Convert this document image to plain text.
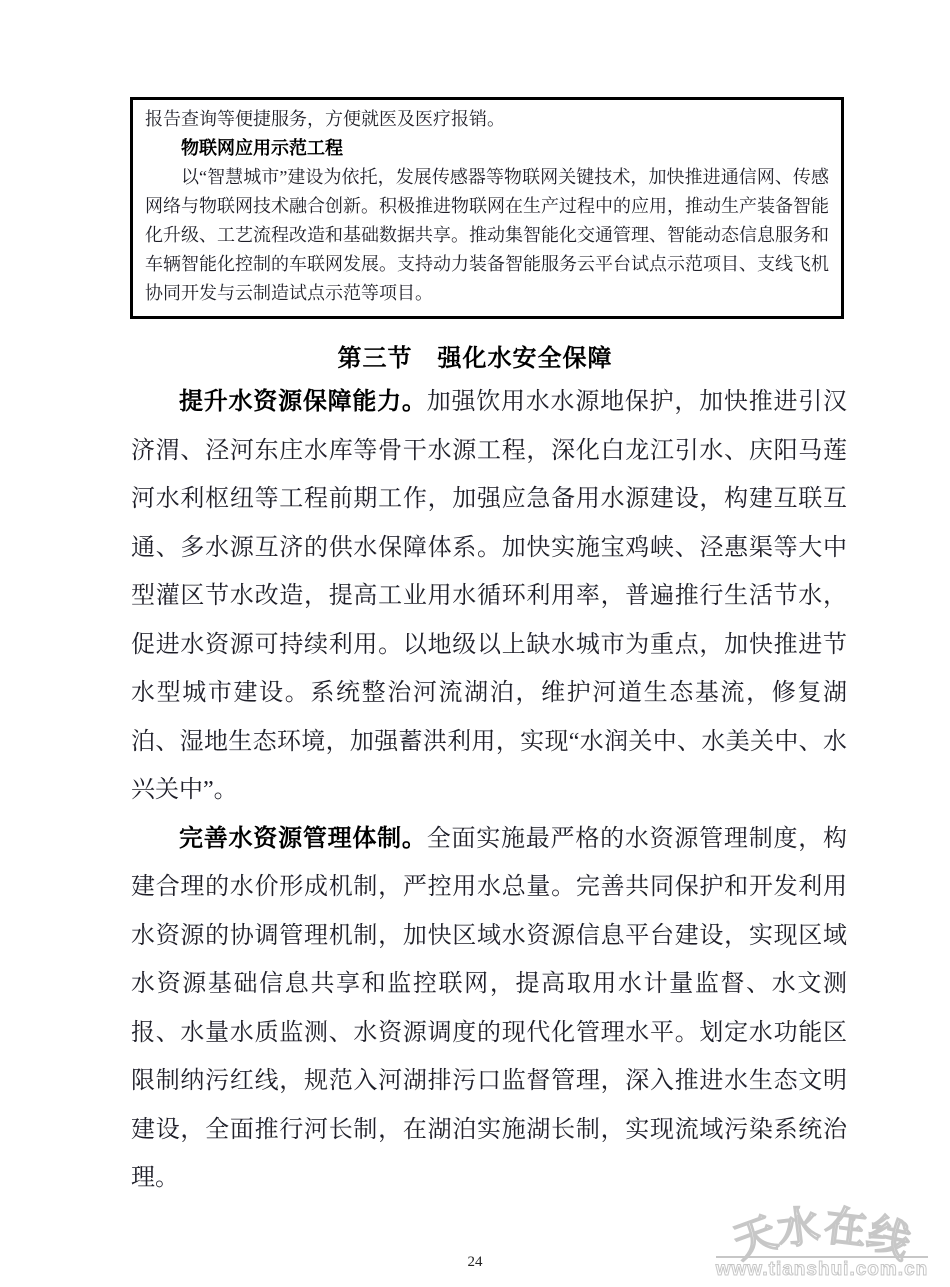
报告查询等便捷服务，方便就医及医疗报销。

物联网应用示范工程

以“智慧城市”建设为依托，发展传感器等物联网关键技术，加快推进通信网、传感网络与物联网技术融合创新。积极推进物联网在生产过程中的应用，推动生产装备智能化升级、工艺流程改造和基础数据共享。推动集智能化交通管理、智能动态信息服务和车辆智能化控制的车联网发展。支持动力装备智能服务云平台试点示范项目、支线飞机协同开发与云制造试点示范等项目。

第三节　强化水安全保障

提升水资源保障能力。加强饮用水水源地保护，加快推进引汉济渭、泾河东庄水库等骨干水源工程，深化白龙江引水、庆阳马莲河水利枢纽等工程前期工作，加强应急备用水源建设，构建互联互通、多水源互济的供水保障体系。加快实施宝鸡峡、泾惠渠等大中型灌区节水改造，提高工业用水循环利用率，普遍推行生活节水，促进水资源可持续利用。以地级以上缺水城市为重点，加快推进节水型城市建设。系统整治河流湖泊，维护河道生态基流，修复湖泊、湿地生态环境，加强蓄洪利用，实现“水润关中、水美关中、水兴关中”。

完善水资源管理体制。全面实施最严格的水资源管理制度，构建合理的水价形成机制，严控用水总量。完善共同保护和开发利用水资源的协调管理机制，加快区域水资源信息平台建设，实现区域水资源基础信息共享和监控联网，提高取用水计量监督、水文测报、水量水质监测、水资源调度的现代化管理水平。划定水功能区限制纳污红线，规范入河湖排污口监督管理，深入推进水生态文明建设，全面推行河长制，在湖泊实施湖长制，实现流域污染系统治理。

24	天水在线
www.tianshui.com.cn
